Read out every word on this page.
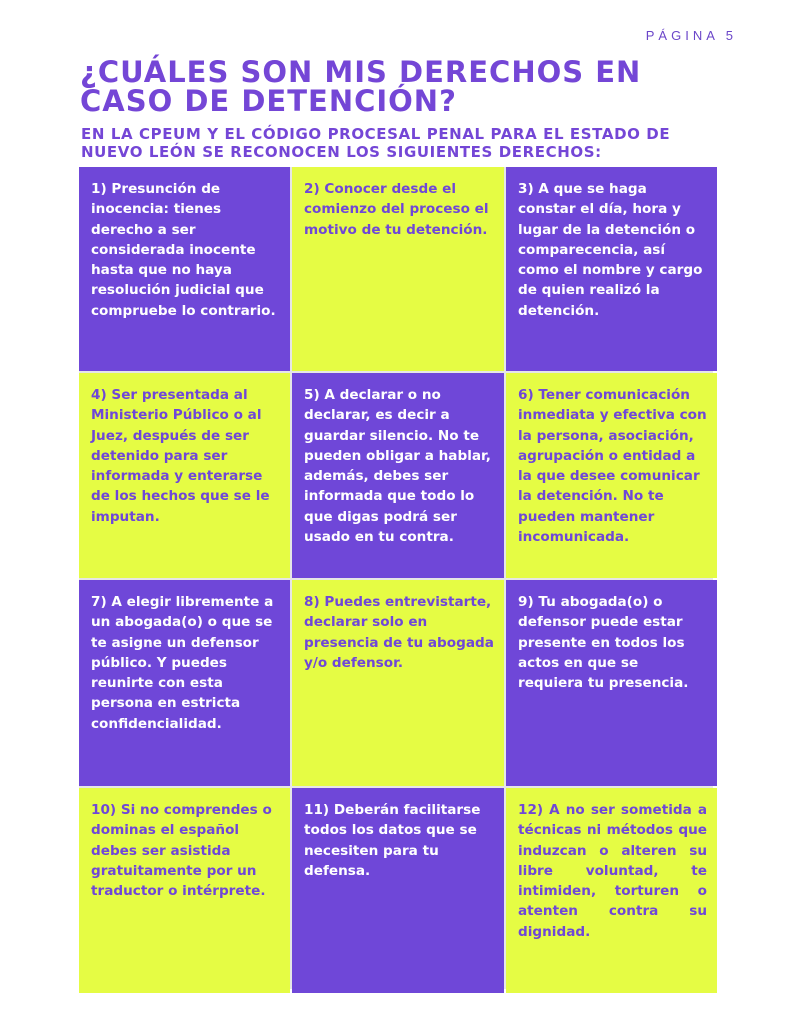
PÁGINA 5
¿CUÁLES SON MIS DERECHOS EN CASO DE DETENCIÓN?

EN LA CPEUM Y EL CÓDIGO PROCESAL PENAL PARA EL ESTADO DE NUEVO LEÓN SE RECONOCEN LOS SIGUIENTES DERECHOS:

1) Presunción de inocencia: tienes derecho a ser considerada inocente hasta que no haya resolución judicial que compruebe lo contrario.
2) Conocer desde el comienzo del proceso el motivo de tu detención.
3) A que se haga constar el día, hora y lugar de la detención o comparecencia, así como el nombre y cargo de quien realizó la detención.
4) Ser presentada al Ministerio Público o al Juez, después de ser detenido para ser informada y enterarse de los hechos que se le imputan.
5) A declarar o no declarar, es decir a guardar silencio. No te pueden obligar a hablar, además, debes ser informada que todo lo que digas podrá ser usado en tu contra.
6) Tener comunicación inmediata y efectiva con la persona, asociación, agrupación o entidad a la que desee comunicar la detención. No te pueden mantener incomunicada.
7) A elegir libremente a un abogada(o) o que se te asigne un defensor público. Y puedes reunirte con esta persona en estricta confidencialidad.
8) Puedes entrevistarte, declarar solo en presencia de tu abogada y/o defensor.
9) Tu abogada(o) o defensor puede estar presente en todos los actos en que se requiera tu presencia.
10) Si no comprendes o dominas el español debes ser asistida gratuitamente por un traductor o intérprete.
11) Deberán facilitarse todos los datos que se necesiten para tu defensa.
12) A no ser sometida a técnicas ni métodos que induzcan o alteren su libre voluntad, te intimiden, torturen o atenten contra su dignidad.
